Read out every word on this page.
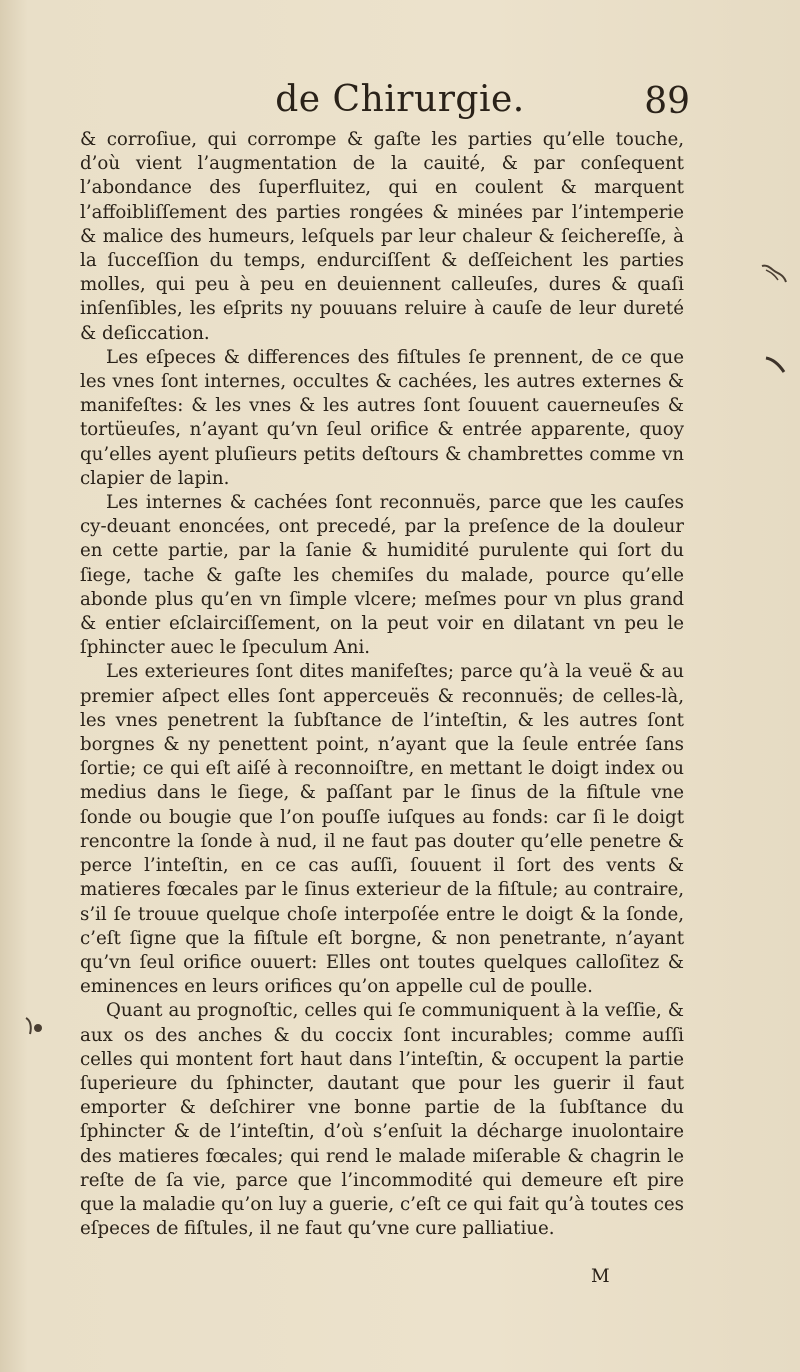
de Chirurgie.	89

& corroſiue, qui corrompe & gaſte les parties qu’elle touche, d’où vient l’augmentation de la cauité, & par conſequent l’abondance des ſuperfluitez, qui en coulent & marquent l’affoibliſſement des parties rongées & minées par l’intemperie & malice des humeurs, leſquels par leur chaleur & ſeichereſſe, à la ſucceſſion du temps, endurciſſent & deſſeichent les parties molles, qui peu à peu en deuiennent calleuſes, dures & quaſi inſenſibles, les eſprits ny pouuans reluire à cauſe de leur dureté & deſiccation.

Les eſpeces & differences des fiſtules ſe prennent, de ce que les vnes ſont internes, occultes & cachées, les autres externes & manifeſtes: & les vnes & les autres ſont ſouuent cauerneuſes & tortüeuſes, n’ayant qu’vn ſeul orifice & entrée apparente, quoy qu’elles ayent pluſieurs petits deſtours & chambrettes comme vn clapier de lapin.

Les internes & cachées ſont reconnuës, parce que les cauſes cy-deuant enoncées, ont precedé, par la preſence de la douleur en cette partie, par la ſanie & humidité purulente qui ſort du ſiege, tache & gaſte les chemiſes du malade, pource qu’elle abonde plus qu’en vn ſimple vlcere; meſmes pour vn plus grand & entier eſclairciſſement, on la peut voir en dilatant vn peu le ſphincter auec le ſpeculum Ani.

Les exterieures ſont dites manifeſtes; parce qu’à la veuë & au premier aſpect elles ſont apperceuës & reconnuës; de celles-là, les vnes penetrent la ſubſtance de l’inteſtin, & les autres ſont borgnes & ny penettent point, n’ayant que la ſeule entrée ſans ſortie; ce qui eſt aiſé à reconnoiſtre, en mettant le doigt index ou medius dans le ſiege, & paſſant par le ſinus de la fiſtule vne ſonde ou bougie que l’on pouſſe iuſques au fonds: car ſi le doigt rencontre la ſonde à nud, il ne faut pas douter qu’elle penetre & perce l’inteſtin, en ce cas auſſi, ſouuent il ſort des vents & matieres fœcales par le ſinus exterieur de la fiſtule; au contraire, s’il ſe trouue quelque choſe interpoſée entre le doigt & la ſonde, c’eſt ſigne que la fiſtule eſt borgne, & non penetrante, n’ayant qu’vn ſeul orifice ouuert: Elles ont toutes quelques calloſitez & eminences en leurs orifices qu’on appelle cul de poulle.

Quant au prognoſtic, celles qui ſe communiquent à la veſſie, & aux os des anches & du coccix ſont incurables; comme auſſi celles qui montent fort haut dans l’inteſtin, & occupent la partie ſuperieure du ſphincter, dautant que pour les guerir il faut emporter & deſchirer vne bonne partie de la ſubſtance du ſphincter & de l’inteſtin, d’où s’enſuit la décharge inuolontaire des matieres fœcales; qui rend le malade miſerable & chagrin le reſte de ſa vie, parce que l’incommodité qui demeure eſt pire que la maladie qu’on luy a guerie, c’eſt ce qui fait qu’à toutes ces eſpeces de fiſtules, il ne faut qu’vne cure palliatiue.

M
